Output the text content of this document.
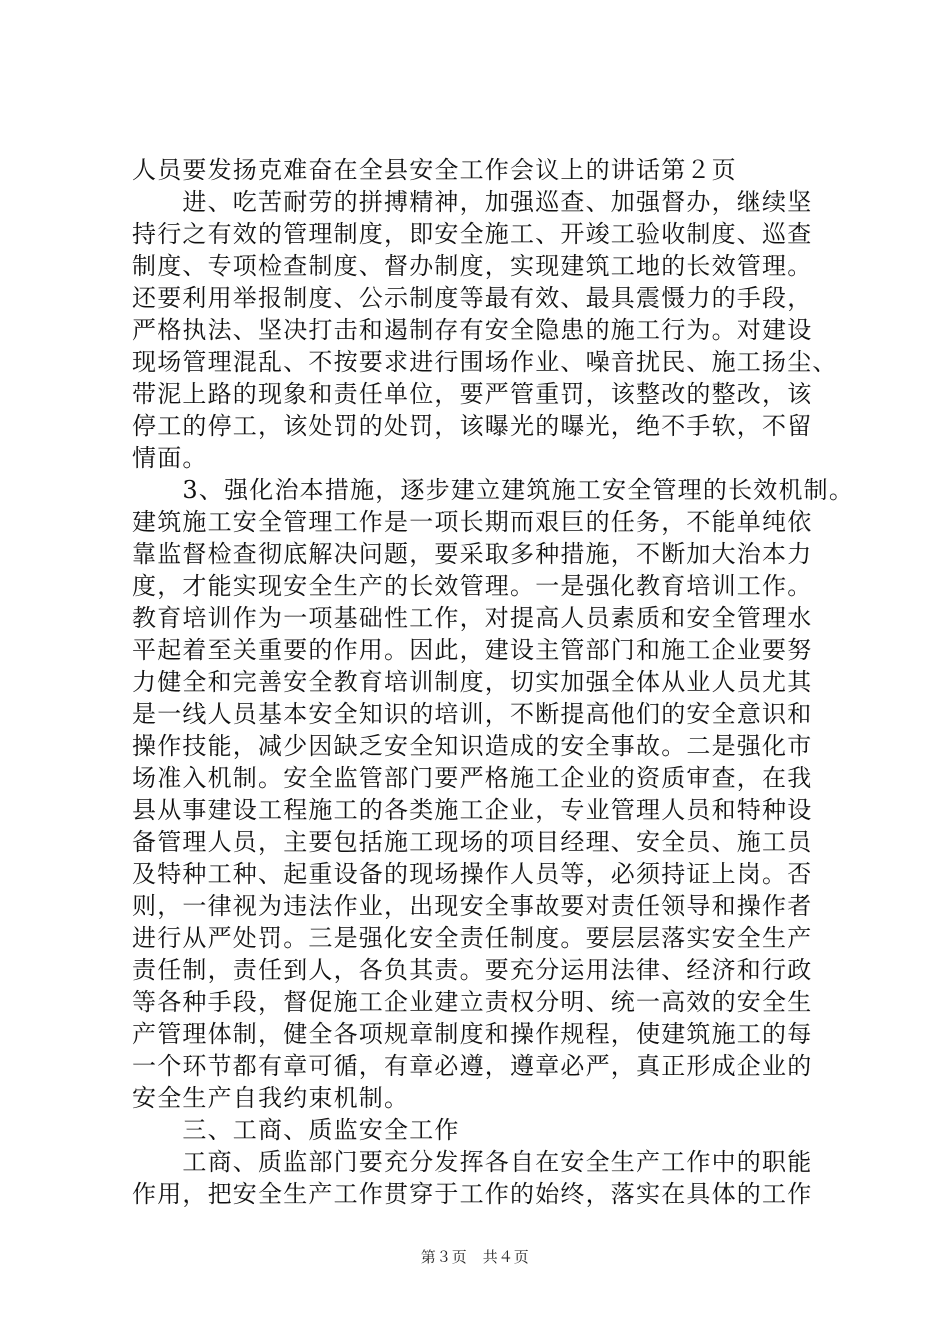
人员要发扬克难奋在全县安全工作会议上的讲话第２页
　　进、吃苦耐劳的拼搏精神，加强巡查、加强督办，继续坚
持行之有效的管理制度，即安全施工、开竣工验收制度、巡查
制度、专项检查制度、督办制度，实现建筑工地的长效管理。
还要利用举报制度、公示制度等最有效、最具震慑力的手段，
严格执法、坚决打击和遏制存有安全隐患的施工行为。对建设
现场管理混乱、不按要求进行围场作业、噪音扰民、施工扬尘、
带泥上路的现象和责任单位，要严管重罚，该整改的整改，该
停工的停工，该处罚的处罚，该曝光的曝光，绝不手软，不留
情面。
　　3、强化治本措施，逐步建立建筑施工安全管理的长效机制。
建筑施工安全管理工作是一项长期而艰巨的任务，不能单纯依
靠监督检查彻底解决问题，要采取多种措施，不断加大治本力
度，才能实现安全生产的长效管理。一是强化教育培训工作。
教育培训作为一项基础性工作，对提高人员素质和安全管理水
平起着至关重要的作用。因此，建设主管部门和施工企业要努
力健全和完善安全教育培训制度，切实加强全体从业人员尤其
是一线人员基本安全知识的培训，不断提高他们的安全意识和
操作技能，减少因缺乏安全知识造成的安全事故。二是强化市
场准入机制。安全监管部门要严格施工企业的资质审查，在我
县从事建设工程施工的各类施工企业，专业管理人员和特种设
备管理人员，主要包括施工现场的项目经理、安全员、施工员
及特种工种、起重设备的现场操作人员等，必须持证上岗。否
则，一律视为违法作业，出现安全事故要对责任领导和操作者
进行从严处罚。三是强化安全责任制度。要层层落实安全生产
责任制，责任到人，各负其责。要充分运用法律、经济和行政
等各种手段，督促施工企业建立责权分明、统一高效的安全生
产管理体制，健全各项规章制度和操作规程，使建筑施工的每
一个环节都有章可循，有章必遵，遵章必严，真正形成企业的
安全生产自我约束机制。
　　三、工商、质监安全工作
　　工商、质监部门要充分发挥各自在安全生产工作中的职能
作用，把安全生产工作贯穿于工作的始终，落实在具体的工作
第３页　共４页
